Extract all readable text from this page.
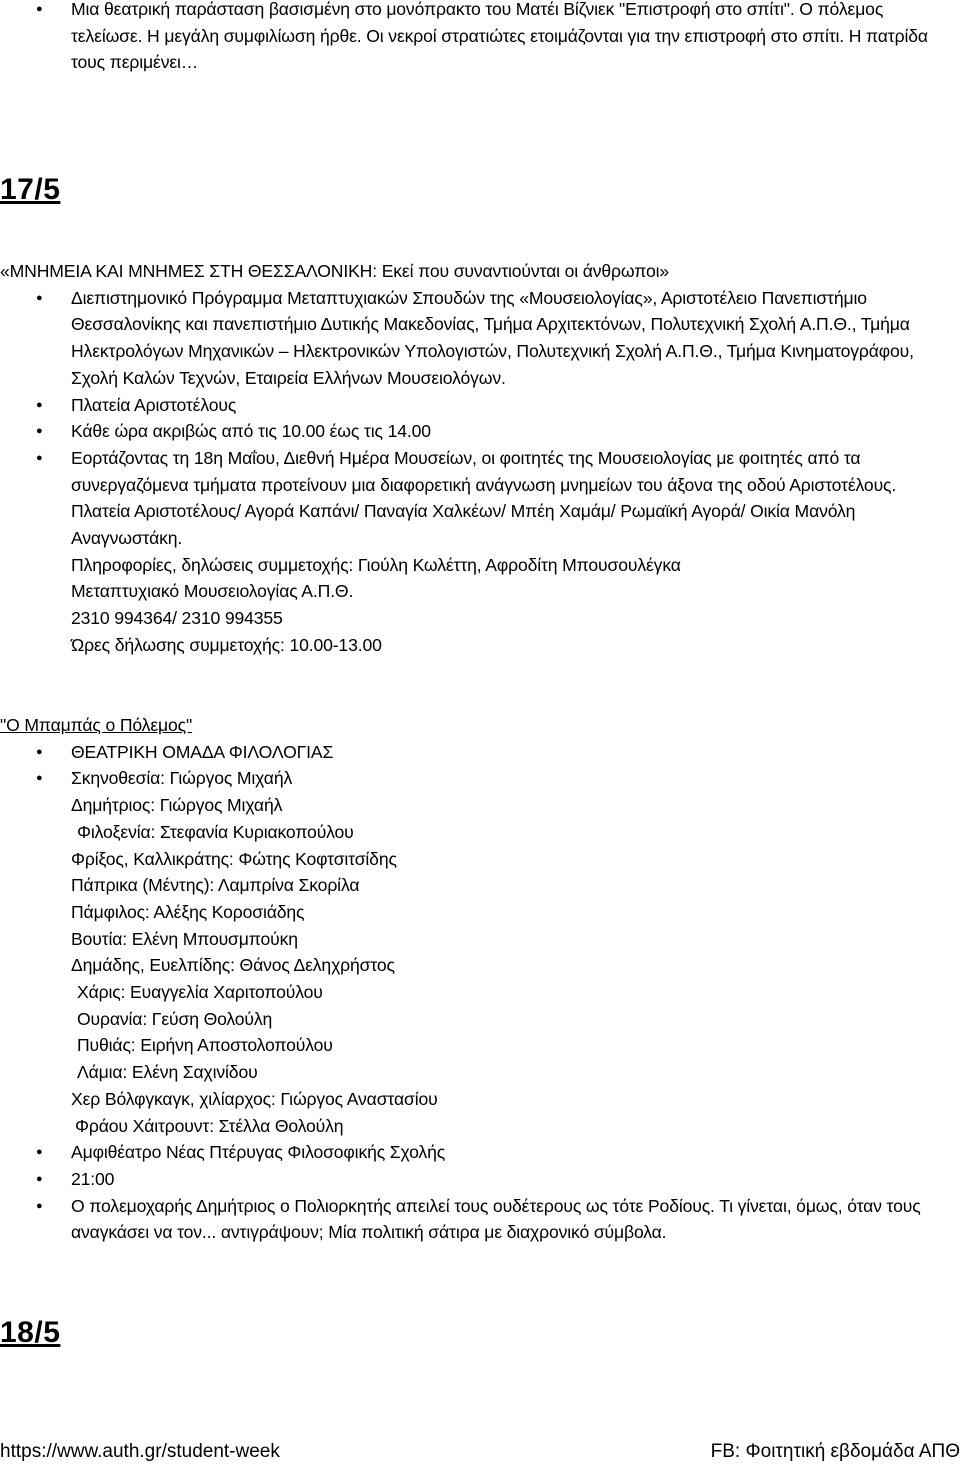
● Μια θεατρική παράσταση βασισμένη στο μονόπρακτο του Ματέι Βίζνιεκ "Επιστροφή στο σπίτι". Ο πόλεμος τελείωσε. Η μεγάλη συμφιλίωση ήρθε. Οι νεκροί στρατιώτες ετοιμάζονται για την επιστροφή στο σπίτι. Η πατρίδα τους περιμένει…
17/5
«ΜΝΗΜΕΙΑ ΚΑΙ ΜΝΗΜΕΣ ΣΤΗ ΘΕΣΣΑΛΟΝΙΚΗ: Εκεί που συναντιούνται οι άνθρωποι»
● Διεπιστημονικό Πρόγραμμα Μεταπτυχιακών Σπουδών της «Μουσειολογίας», Αριστοτέλειο Πανεπιστήμιο Θεσσαλονίκης και πανεπιστήμιο Δυτικής Μακεδονίας, Τμήμα Αρχιτεκτόνων, Πολυτεχνική Σχολή Α.Π.Θ., Τμήμα Ηλεκτρολόγων Μηχανικών – Ηλεκτρονικών Υπολογιστών, Πολυτεχνική Σχολή Α.Π.Θ., Τμήμα Κινηματογράφου, Σχολή Καλών Τεχνών, Εταιρεία Ελλήνων Μουσειολόγων.
● Πλατεία Αριστοτέλους
● Κάθε ώρα ακριβώς από τις 10.00 έως τις 14.00
● Εορτάζοντας τη 18η Μαΐου, Διεθνή Ημέρα Μουσείων, οι φοιτητές της Μουσειολογίας με φοιτητές από τα συνεργαζόμενα τμήματα προτείνουν μια διαφορετική ανάγνωση μνημείων του άξονα της οδού Αριστοτέλους. Πλατεία Αριστοτέλους/ Αγορά Καπάνι/ Παναγία Χαλκέων/ Μπέη Χαμάμ/ Ρωμαϊκή Αγορά/ Οικία Μανόλη Αναγνωστάκη.
Πληροφορίες, δηλώσεις συμμετοχής: Γιούλη Κωλέττη, Αφροδίτη Μπουσουλέγκα
Μεταπτυχιακό Μουσειολογίας Α.Π.Θ.
2310 994364/ 2310 994355
Ώρες δήλωσης συμμετοχής: 10.00-13.00
"Ο Μπαμπάς ο Πόλεμος"
● ΘΕΑΤΡΙΚΗ ΟΜΑΔΑ ΦΙΛΟΛΟΓΙΑΣ
● Σκηνοθεσία: Γιώργος Μιχαήλ
Δημήτριος: Γιώργος Μιχαήλ
Φιλοξενία: Στεφανία Κυριακοπούλου
Φρίξος, Καλλικράτης: Φώτης Κοφτσιτσίδης
Πάπρικα (Μέντης): Λαμπρίνα Σκορίλα
Πάμφιλος: Αλέξης Κοροσιάδης
Βουτία: Ελένη Μπουσμπούκη
Δημάδης, Ευελπίδης: Θάνος Δεληχρήστος
Χάρις: Ευαγγελία Χαριτοπούλου
Ουρανία: Γεύση Θολούλη
Πυθιάς: Ειρήνη Αποστολοπούλου
Λάμια: Ελένη Σαχινίδου
Χερ Βόλφγκαγκ, χιλίαρχος: Γιώργος Αναστασίου
Φράου Χάιτρουντ: Στέλλα Θολούλη
● Αμφιθέατρο Νέας Πτέρυγας Φιλοσοφικής Σχολής
● 21:00
● Ο πολεμοχαρής Δημήτριος ο Πολιορκητής απειλεί τους ουδέτερους ως τότε Ροδίους. Τι γίνεται, όμως, όταν τους αναγκάσει να τον... αντιγράψουν; Μία πολιτική σάτιρα με διαχρονικό σύμβολα.
18/5
https://www.auth.gr/student-week	FB: Φοιτητική εβδομάδα ΑΠΘ
